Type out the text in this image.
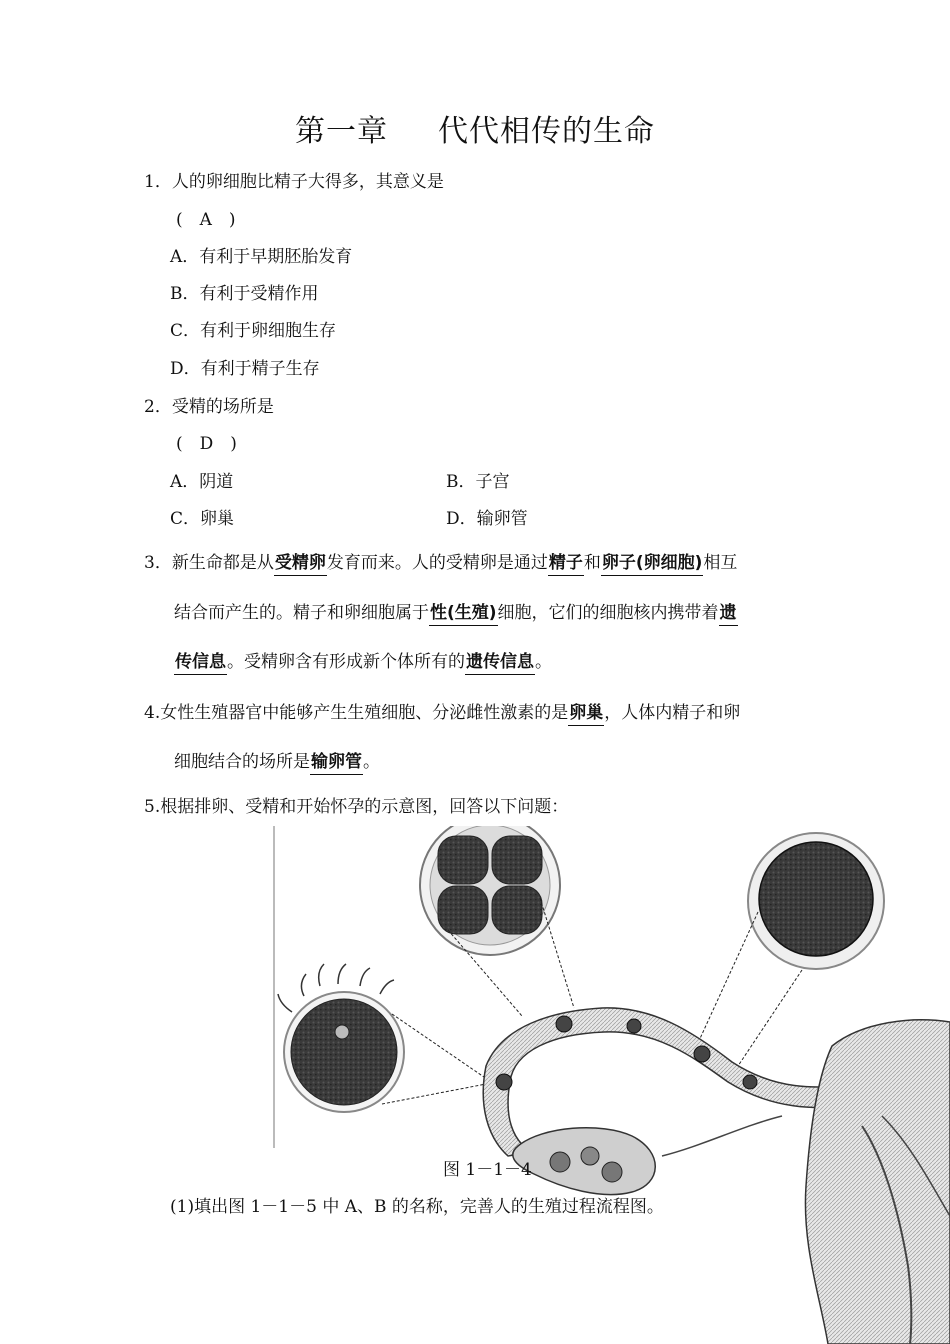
第一章 代代相传的生命
1．人的卵细胞比精子大得多，其意义是
(　A　)
A．有利于早期胚胎发育
B．有利于受精作用
C．有利于卵细胞生存
D．有利于精子生存
2．受精的场所是
(　D　)
A．阴道	B．子宫
C．卵巢	D．输卵管
3．新生命都是从受精卵发育而来。人的受精卵是通过精子和卵子(卵细胞)相互
结合而产生的。精子和卵细胞属于性(生殖)细胞，它们的细胞核内携带着遗
传信息。受精卵含有形成新个体所有的遗传信息。
4.女性生殖器官中能够产生生殖细胞、分泌雌性激素的是卵巢，人体内精子和卵
细胞结合的场所是输卵管。
5.根据排卵、受精和开始怀孕的示意图，回答以下问题：
图 1－1－4
(1)填出图 1－1－5 中 A、B 的名称，完善人的生殖过程流程图。
